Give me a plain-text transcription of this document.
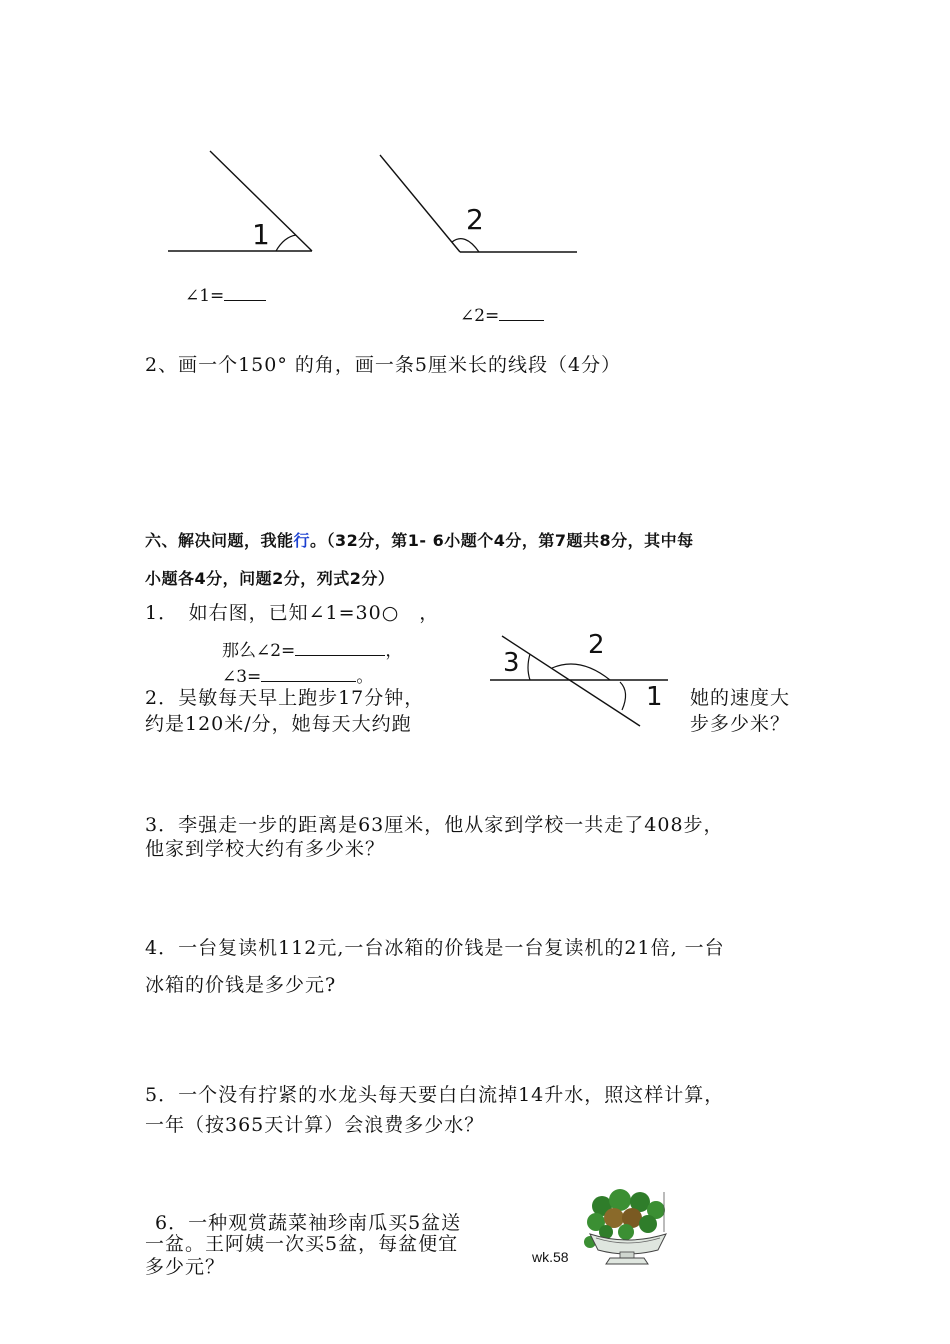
1
∠1=
2
∠2=
2、画一个150° 的角，画一条5厘米长的线段（4分）
六、解决问题，我能行。（32分，第1- 6小题个4分，第7题共8分，其中每
小题各4分，问题2分，列式2分）
1．　如右图，已知∠1=30○　，
那么∠2=	，
∠3=	。	3
2
1
2．吴敏每天早上跑步17分钟，	她的速度大
约是120米/分，她每天大约跑	步多少米？
3．李强走一步的距离是63厘米，他从家到学校一共走了408步，
他家到学校大约有多少米？
4．一台复读机112元,一台冰箱的价钱是一台复读机的21倍, 一台
冰箱的价钱是多少元?
5．一个没有拧紧的水龙头每天要白白流掉14升水，照这样计算，
一年（按365天计算）会浪费多少水？
6．一种观赏蔬菜袖珍南瓜买5盆送
一盆。王阿姨一次买5盆，每盆便宜
多少元？	wk.58
